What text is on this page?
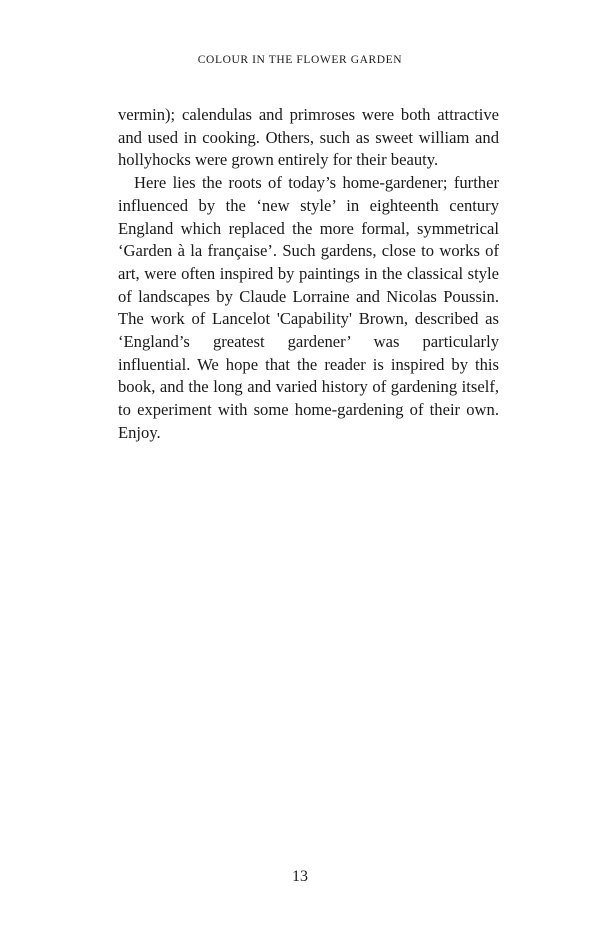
COLOUR IN THE FLOWER GARDEN

vermin); calendulas and primroses were both attractive and used in cooking. Others, such as sweet william and hollyhocks were grown entirely for their beauty.

Here lies the roots of today’s home-gardener; further influenced by the ‘new style’ in eighteenth century England which replaced the more formal, symmetrical ‘Garden à la française’. Such gardens, close to works of art, were often inspired by paintings in the classical style of landscapes by Claude Lorraine and Nicolas Poussin. The work of Lancelot 'Capability' Brown, described as ‘England’s greatest gardener’ was particularly influential. We hope that the reader is inspired by this book, and the long and varied history of gardening itself, to experiment with some home-gardening of their own. Enjoy.

13
